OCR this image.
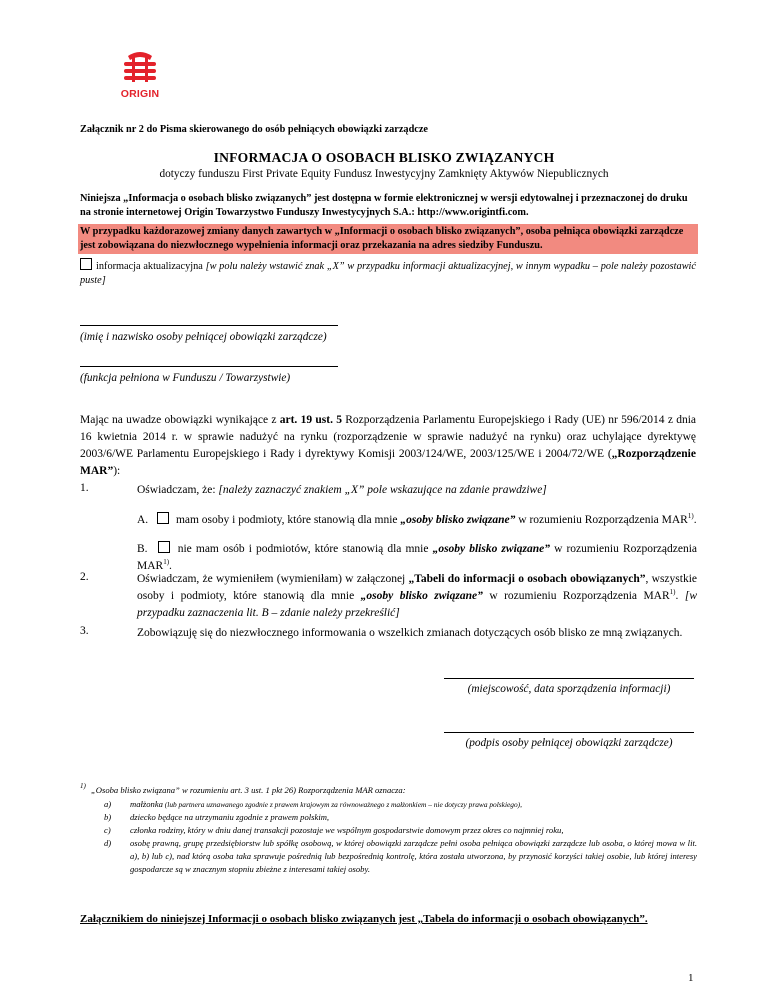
ORIGIN
Załącznik nr 2 do Pisma skierowanego do osób pełniących obowiązki zarządcze
INFORMACJA O OSOBACH BLISKO ZWIĄZANYCH
dotyczy funduszu First Private Equity Fundusz Inwestycyjny Zamknięty Aktywów Niepublicznych
Niniejsza „Informacja o osobach blisko związanych” jest dostępna w formie elektronicznej w wersji edytowalnej i przeznaczonej do druku na stronie internetowej Origin Towarzystwo Funduszy Inwestycyjnych S.A.: http://www.origintfi.com.
W przypadku każdorazowej zmiany danych zawartych w „Informacji o osobach blisko związanych”, osoba pełniąca obowiązki zarządcze jest zobowiązana do niezwłocznego wypełnienia informacji oraz przekazania na adres siedziby Funduszu.
informacja aktualizacyjna [w polu należy wstawić znak „X” w przypadku informacji aktualizacyjnej, w innym wypadku – pole należy pozostawić puste]
(imię i nazwisko osoby pełniącej obowiązki zarządcze)
(funkcja pełniona w Funduszu / Towarzystwie)
Mając na uwadze obowiązki wynikające z art. 19 ust. 5 Rozporządzenia Parlamentu Europejskiego i Rady (UE) nr 596/2014 z dnia 16 kwietnia 2014 r. w sprawie nadużyć na rynku (rozporządzenie w sprawie nadużyć na rynku) oraz uchylające dyrektywę 2003/6/WE Parlamentu Europejskiego i Rady i dyrektywy Komisji 2003/124/WE, 2003/125/WE i 2004/72/WE („Rozporządzenie MAR”):
1.	Oświadczam, że: [należy zaznaczyć znakiem „X” pole wskazujące na zdanie prawdziwe]
A. mam osoby i podmioty, które stanowią dla mnie „osoby blisko związane” w rozumieniu Rozporządzenia MAR$^{1)}$.
B.	nie mam osób i podmiotów, które stanowią dla mnie „osoby blisko związane” w rozumieniu Rozporządzenia MAR$^{1)}$.
2.	Oświadczam, że wymieniłem (wymieniłam) w załączonej „Tabeli do informacji o osobach obowiązanych”, wszystkie osoby i podmioty, które stanowią dla mnie „osoby blisko związane” w rozumieniu Rozporządzenia MAR$^{1)}$. [w przypadku zaznaczenia lit. B – zdanie należy przekreślić]
3.	Zobowiązuję się do niezwłocznego informowania o wszelkich zmianach dotyczących osób blisko ze mną związanych.
(miejscowość, data sporządzenia informacji)
(podpis osoby pełniącej obowiązki zarządcze)
$^{1)}$ „Osoba blisko związana” w rozumieniu art. 3 ust. 1 pkt 26) Rozporządzenia MAR oznacza:
a) małżonka (lub partnera uznawanego zgodnie z prawem krajowym za równoważnego z małżonkiem – nie dotyczy prawa polskiego),
b) dziecko będące na utrzymaniu zgodnie z prawem polskim,
c) członka rodziny, który w dniu danej transakcji pozostaje we wspólnym gospodarstwie domowym przez okres co najmniej roku,
d) osobę prawną, grupę przedsiębiorstw lub spółkę osobową, w której obowiązki zarządcze pełni osoba pełniąca obowiązki zarządcze lub osoba, o której mowa w lit. a), b) lub c), nad którą osoba taka sprawuje pośrednią lub bezpośrednią kontrolę, która została utworzona, by przynosić korzyści takiej osobie, lub której interesy gospodarcze są w znacznym stopniu zbieżne z interesami takiej osoby.
Załącznikiem do niniejszej Informacji o osobach blisko związanych jest „Tabela do informacji o osobach obowiązanych”.
1
